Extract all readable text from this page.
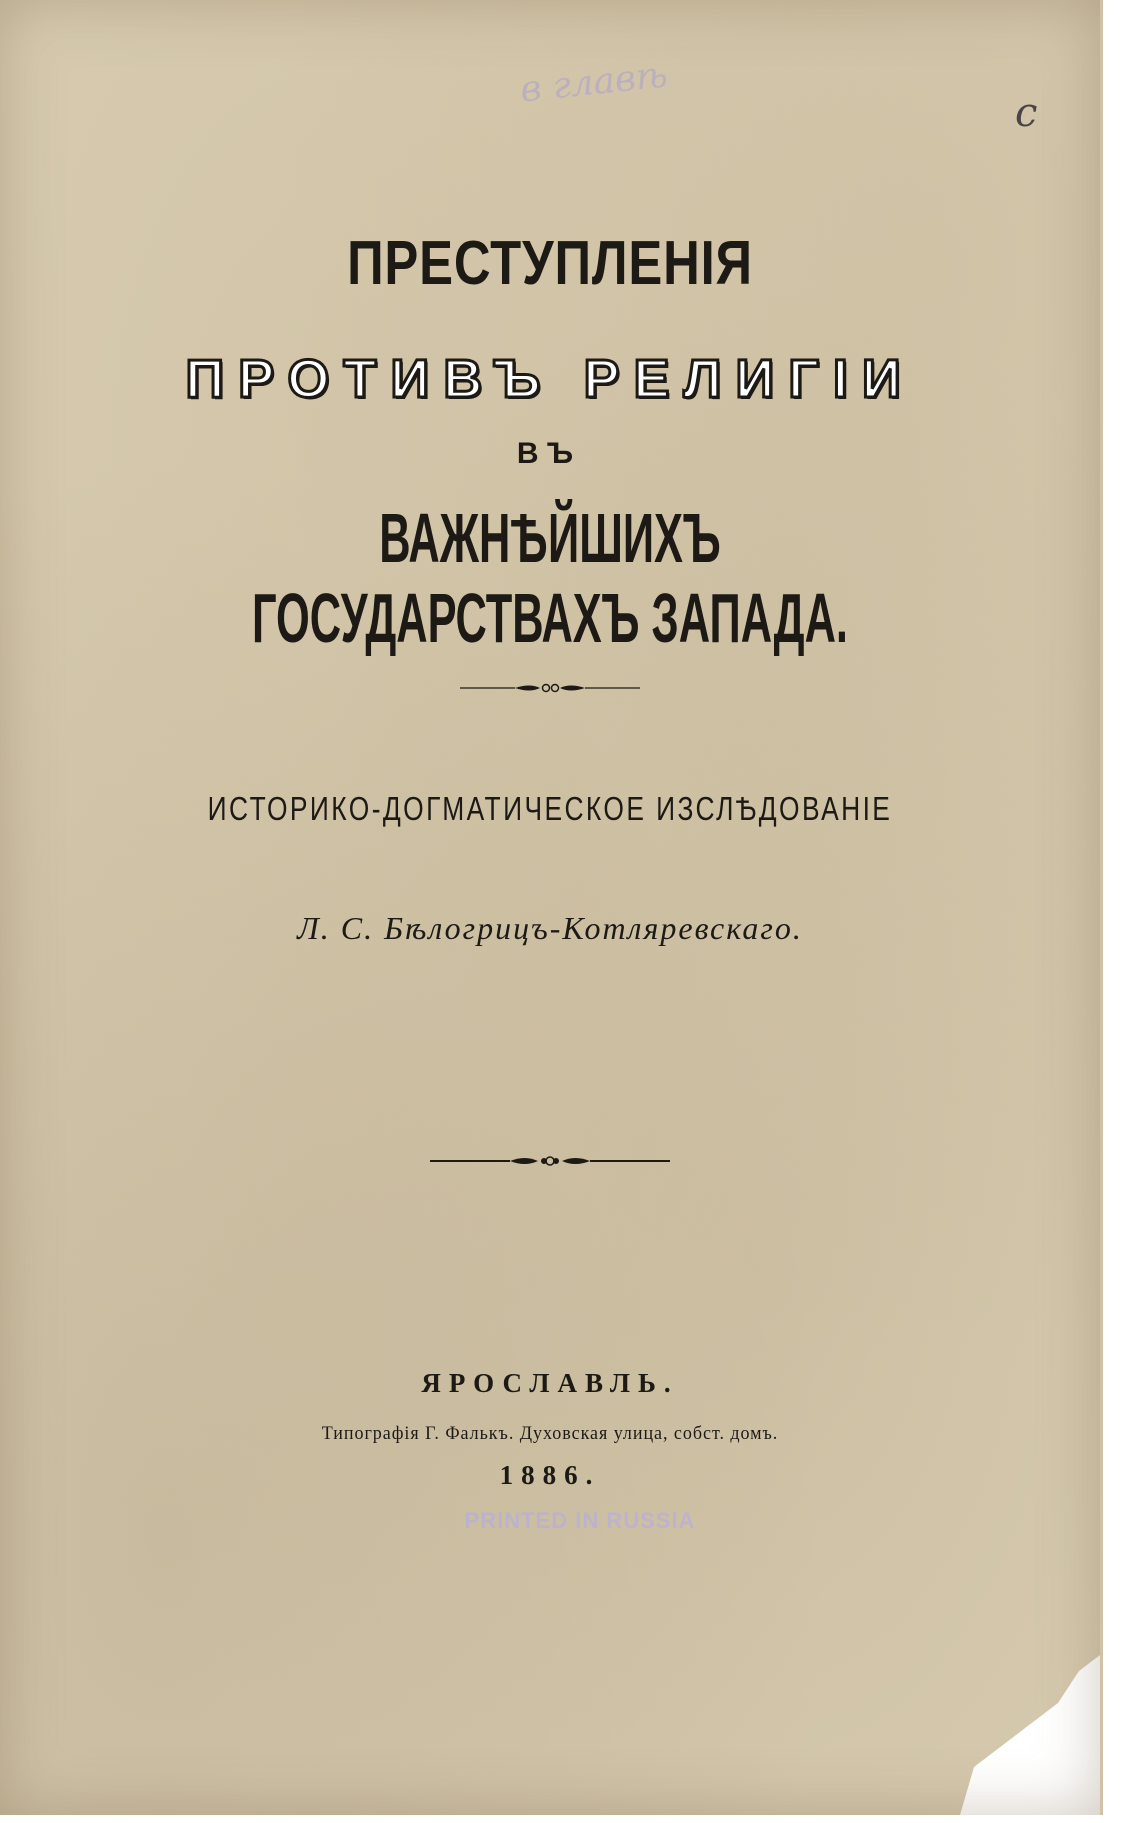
в главѣ
с
ПРЕСТУПЛЕНІЯ
ПРОТИВЪ РЕЛИГІИ
ВЪ
ВАЖНѢЙШИХЪ ГОСУДАРСТВАХЪ ЗАПАДА.
ИСТОРИКО-ДОГМАТИЧЕСКОЕ ИЗСЛѢДОВАНІЕ
Л. С. Бѣлогрицъ-Котляревскаго.
ЯРОСЛАВЛЬ.
Типографія Г. Фалькъ. Духовская улица, собст. домъ.
1886.
PRINTED IN RUSSIA
